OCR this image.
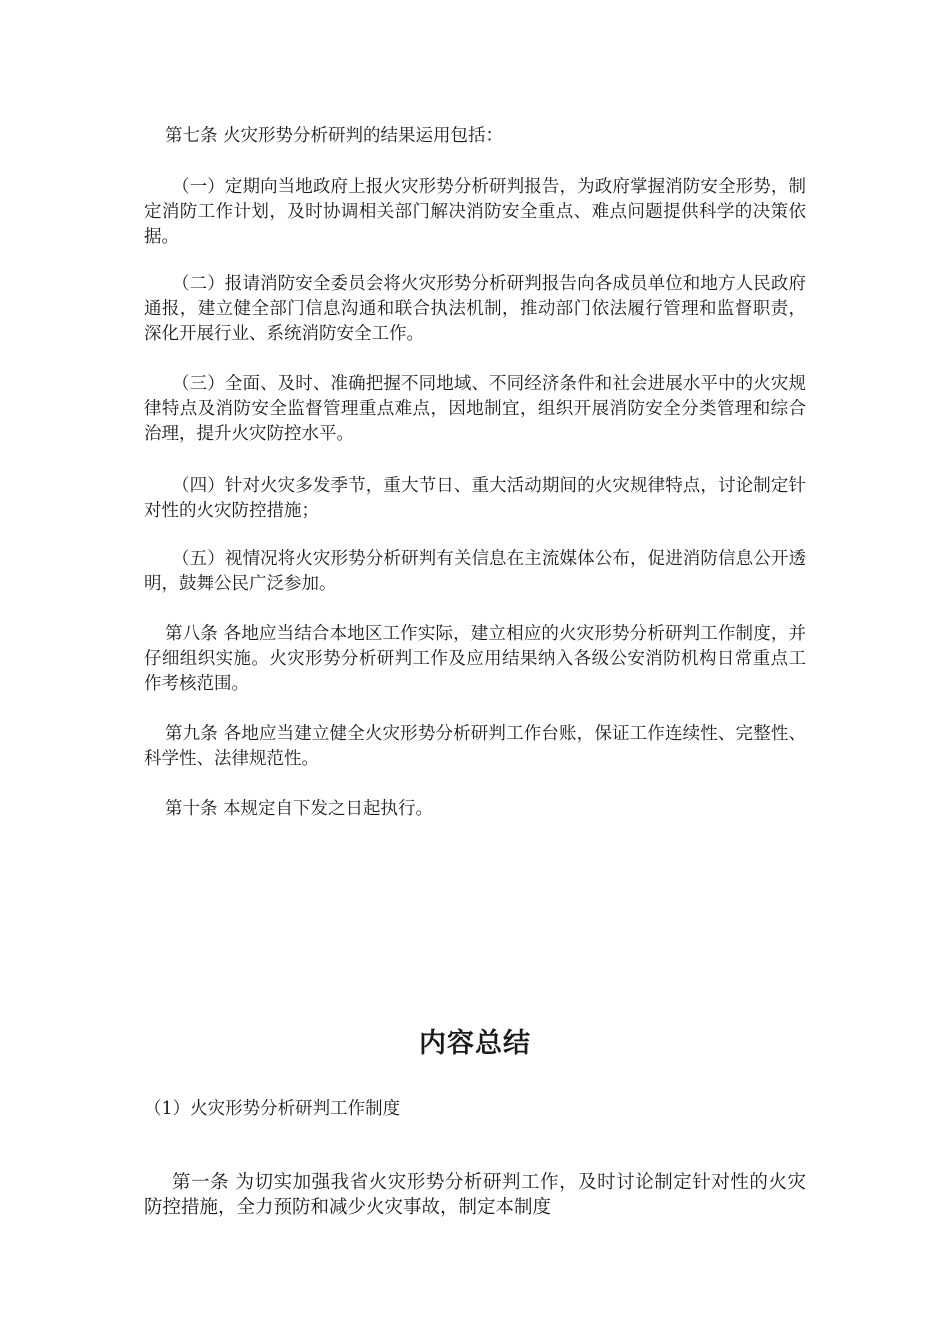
第七条 火灾形势分析研判的结果运用包括：

（一）定期向当地政府上报火灾形势分析研判报告，为政府掌握消防安全形势，制定消防工作计划，及时协调相关部门解决消防安全重点、难点问题提供科学的决策依据。

（二）报请消防安全委员会将火灾形势分析研判报告向各成员单位和地方人民政府通报，建立健全部门信息沟通和联合执法机制，推动部门依法履行管理和监督职责，深化开展行业、系统消防安全工作。

（三）全面、及时、准确把握不同地域、不同经济条件和社会进展水平中的火灾规律特点及消防安全监督管理重点难点，因地制宜，组织开展消防安全分类管理和综合治理，提升火灾防控水平。

（四）针对火灾多发季节，重大节日、重大活动期间的火灾规律特点，讨论制定针对性的火灾防控措施；

（五）视情况将火灾形势分析研判有关信息在主流媒体公布，促进消防信息公开透明，鼓舞公民广泛参加。

第八条 各地应当结合本地区工作实际，建立相应的火灾形势分析研判工作制度，并仔细组织实施。火灾形势分析研判工作及应用结果纳入各级公安消防机构日常重点工作考核范围。

第九条 各地应当建立健全火灾形势分析研判工作台账，保证工作连续性、完整性、科学性、法律规范性。

第十条 本规定自下发之日起执行。

内容总结

（1）火灾形势分析研判工作制度

第一条 为切实加强我省火灾形势分析研判工作，及时讨论制定针对性的火灾防控措施，全力预防和减少火灾事故，制定本制度
